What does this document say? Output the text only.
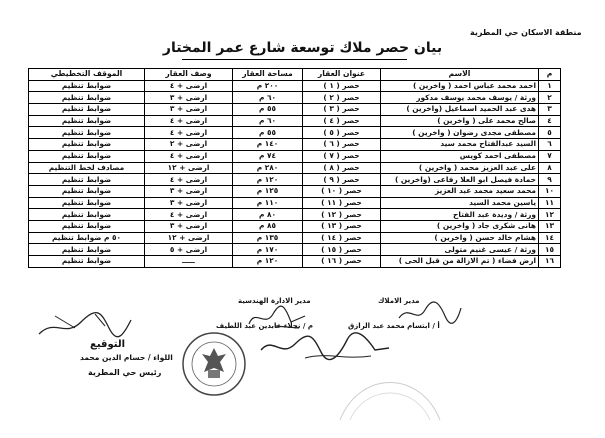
منطقة الاسكان حي المطرية
بيان حصر ملاك توسعة شارع عمر المختار
م	الاسم	عنوان العقار	مساحة العقار	وصف العقار	الموقف التخطيطي
١	احمد محمد عباس احمد ( واخرين )	حصر ( ١ )	٢٠٠ م	ارضى + ٤	ضوابط تنظيم
٢	ورثة / يوسف محمد يوسف مدكور	حصر ( ٢ )	٦٠ م	ارضى + ٣	ضوابط تنظيم
٣	هدى عبد الحميد اسماعيل (واخرين )	حصر ( ٣ )	٥٥ م	ارضى + ٣	ضوابط تنظيم
٤	صالح محمد على ( واخرين )	حصر ( ٤ )	٦٠ م	ارضى + ٤	ضوابط تنظيم
٥	مصطفى مجدى رضوان ( واخرين )	حصر ( ٥ )	٥٥ م	ارضى + ٤	ضوابط تنظيم
٦	السيد عبدالفتاح محمد سيد	حصر ( ٦ )	١٤٠ م	ارضى + ٢	ضوابط تنظيم
٧	مصطفى احمد كويس	حصر ( ٧ )	٧٤ م	ارضى + ٤	ضوابط تنظيم
٨	على عبد العزيز محمد ( واخرين )	حصر ( ٨ )	٢٨٠ م	ارضى + ١٢	مصادف لخط التنظيم
٩	حمادة فيصل ابو العلا رفاعى (واخرين )	حصر ( ٩ )	١٢٠ م	ارضى + ٤	ضوابط تنظيم
١٠	محمد سعيد محمد عبد العزيز	حصر ( ١٠ )	١٢٥ م	ارضى + ٣	ضوابط تنظيم
١١	ياسين محمد السيد	حصر ( ١١ )	١١٠ م	ارضى + ٣	ضوابط تنظيم
١٢	ورثة / وديدة عبد الفتاح	حصر ( ١٢ )	٨٠ م	ارضى + ٤	ضوابط تنظيم
١٣	هانى شكرى جاد ( واخرين )	حصر ( ١٣ )	٨٥ م	ارضى + ٣	ضوابط تنظيم
١٤	هشام خالد حسن ( واخرين )	حصر ( ١٤ )	١٣٥ م	ارضى + ١٢	٥٠ م ضوابط تنظيم
١٥	ورثة / عيسى غنيم متولى	حصر ( ١٥ )	١٧٠ م	ارضى + ٥	ضوابط تنظيم
١٦	ارض فضاء ( تم الازالة من قبل الحى )	حصر ( ١٦ )	١٢٠ م	ـــــ	ضوابط تنظيم
مدير الاملاك
أ / ابتسام محمد عبد الرازق
مدير الادارة الهندسية
م / نجلاء عابدين عبد اللطيف
التوقيع
اللواء / حسام الدين محمد
رئيس حي المطرية
